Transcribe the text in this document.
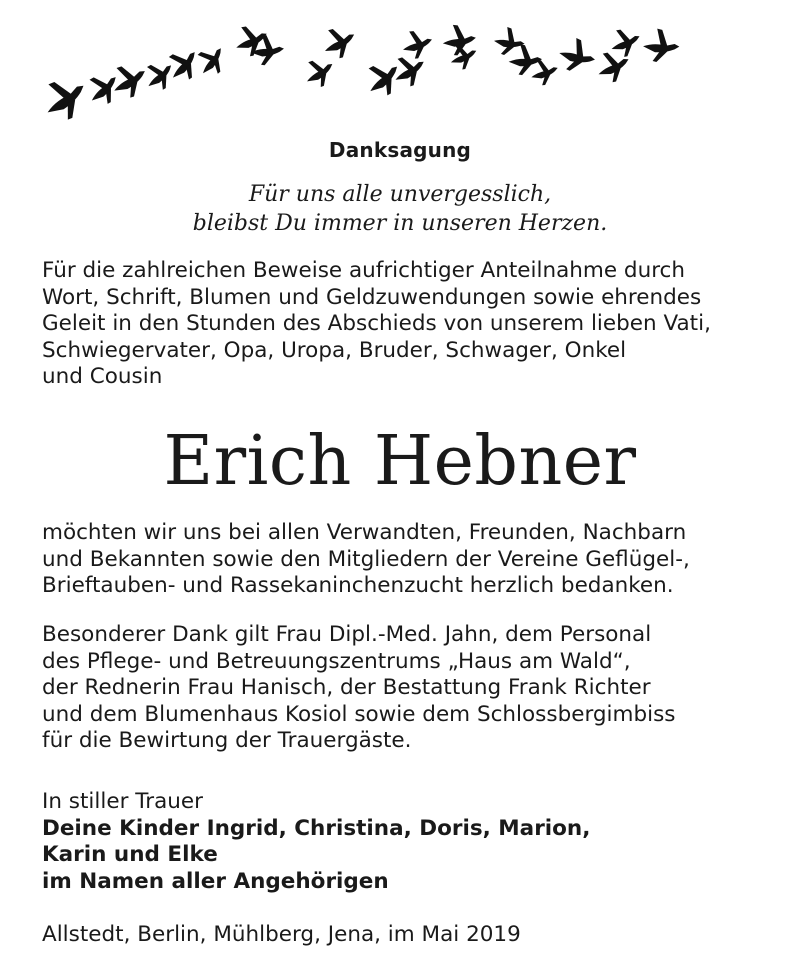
Danksagung
Für uns alle unvergesslich,
bleibst Du immer in unseren Herzen.
Für die zahlreichen Beweise aufrichtiger Anteilnahme durch
Wort, Schrift, Blumen und Geldzuwendungen sowie ehrendes
Geleit in den Stunden des Abschieds von unserem lieben Vati,
Schwiegervater, Opa, Uropa, Bruder, Schwager, Onkel
und Cousin
Erich Hebner
möchten wir uns bei allen Verwandten, Freunden, Nachbarn
und Bekannten sowie den Mitgliedern der Vereine Geflügel-,
Brieftauben- und Rassekaninchenzucht herzlich bedanken.
Besonderer Dank gilt Frau Dipl.-Med. Jahn, dem Personal
des Pflege- und Betreuungszentrums „Haus am Wald“,
der Rednerin Frau Hanisch, der Bestattung Frank Richter
und dem Blumenhaus Kosiol sowie dem Schlossbergimbiss
für die Bewirtung der Trauergäste.
In stiller Trauer
Deine Kinder Ingrid, Christina, Doris, Marion,
Karin und Elke
im Namen aller Angehörigen
Allstedt, Berlin, Mühlberg, Jena, im Mai 2019
